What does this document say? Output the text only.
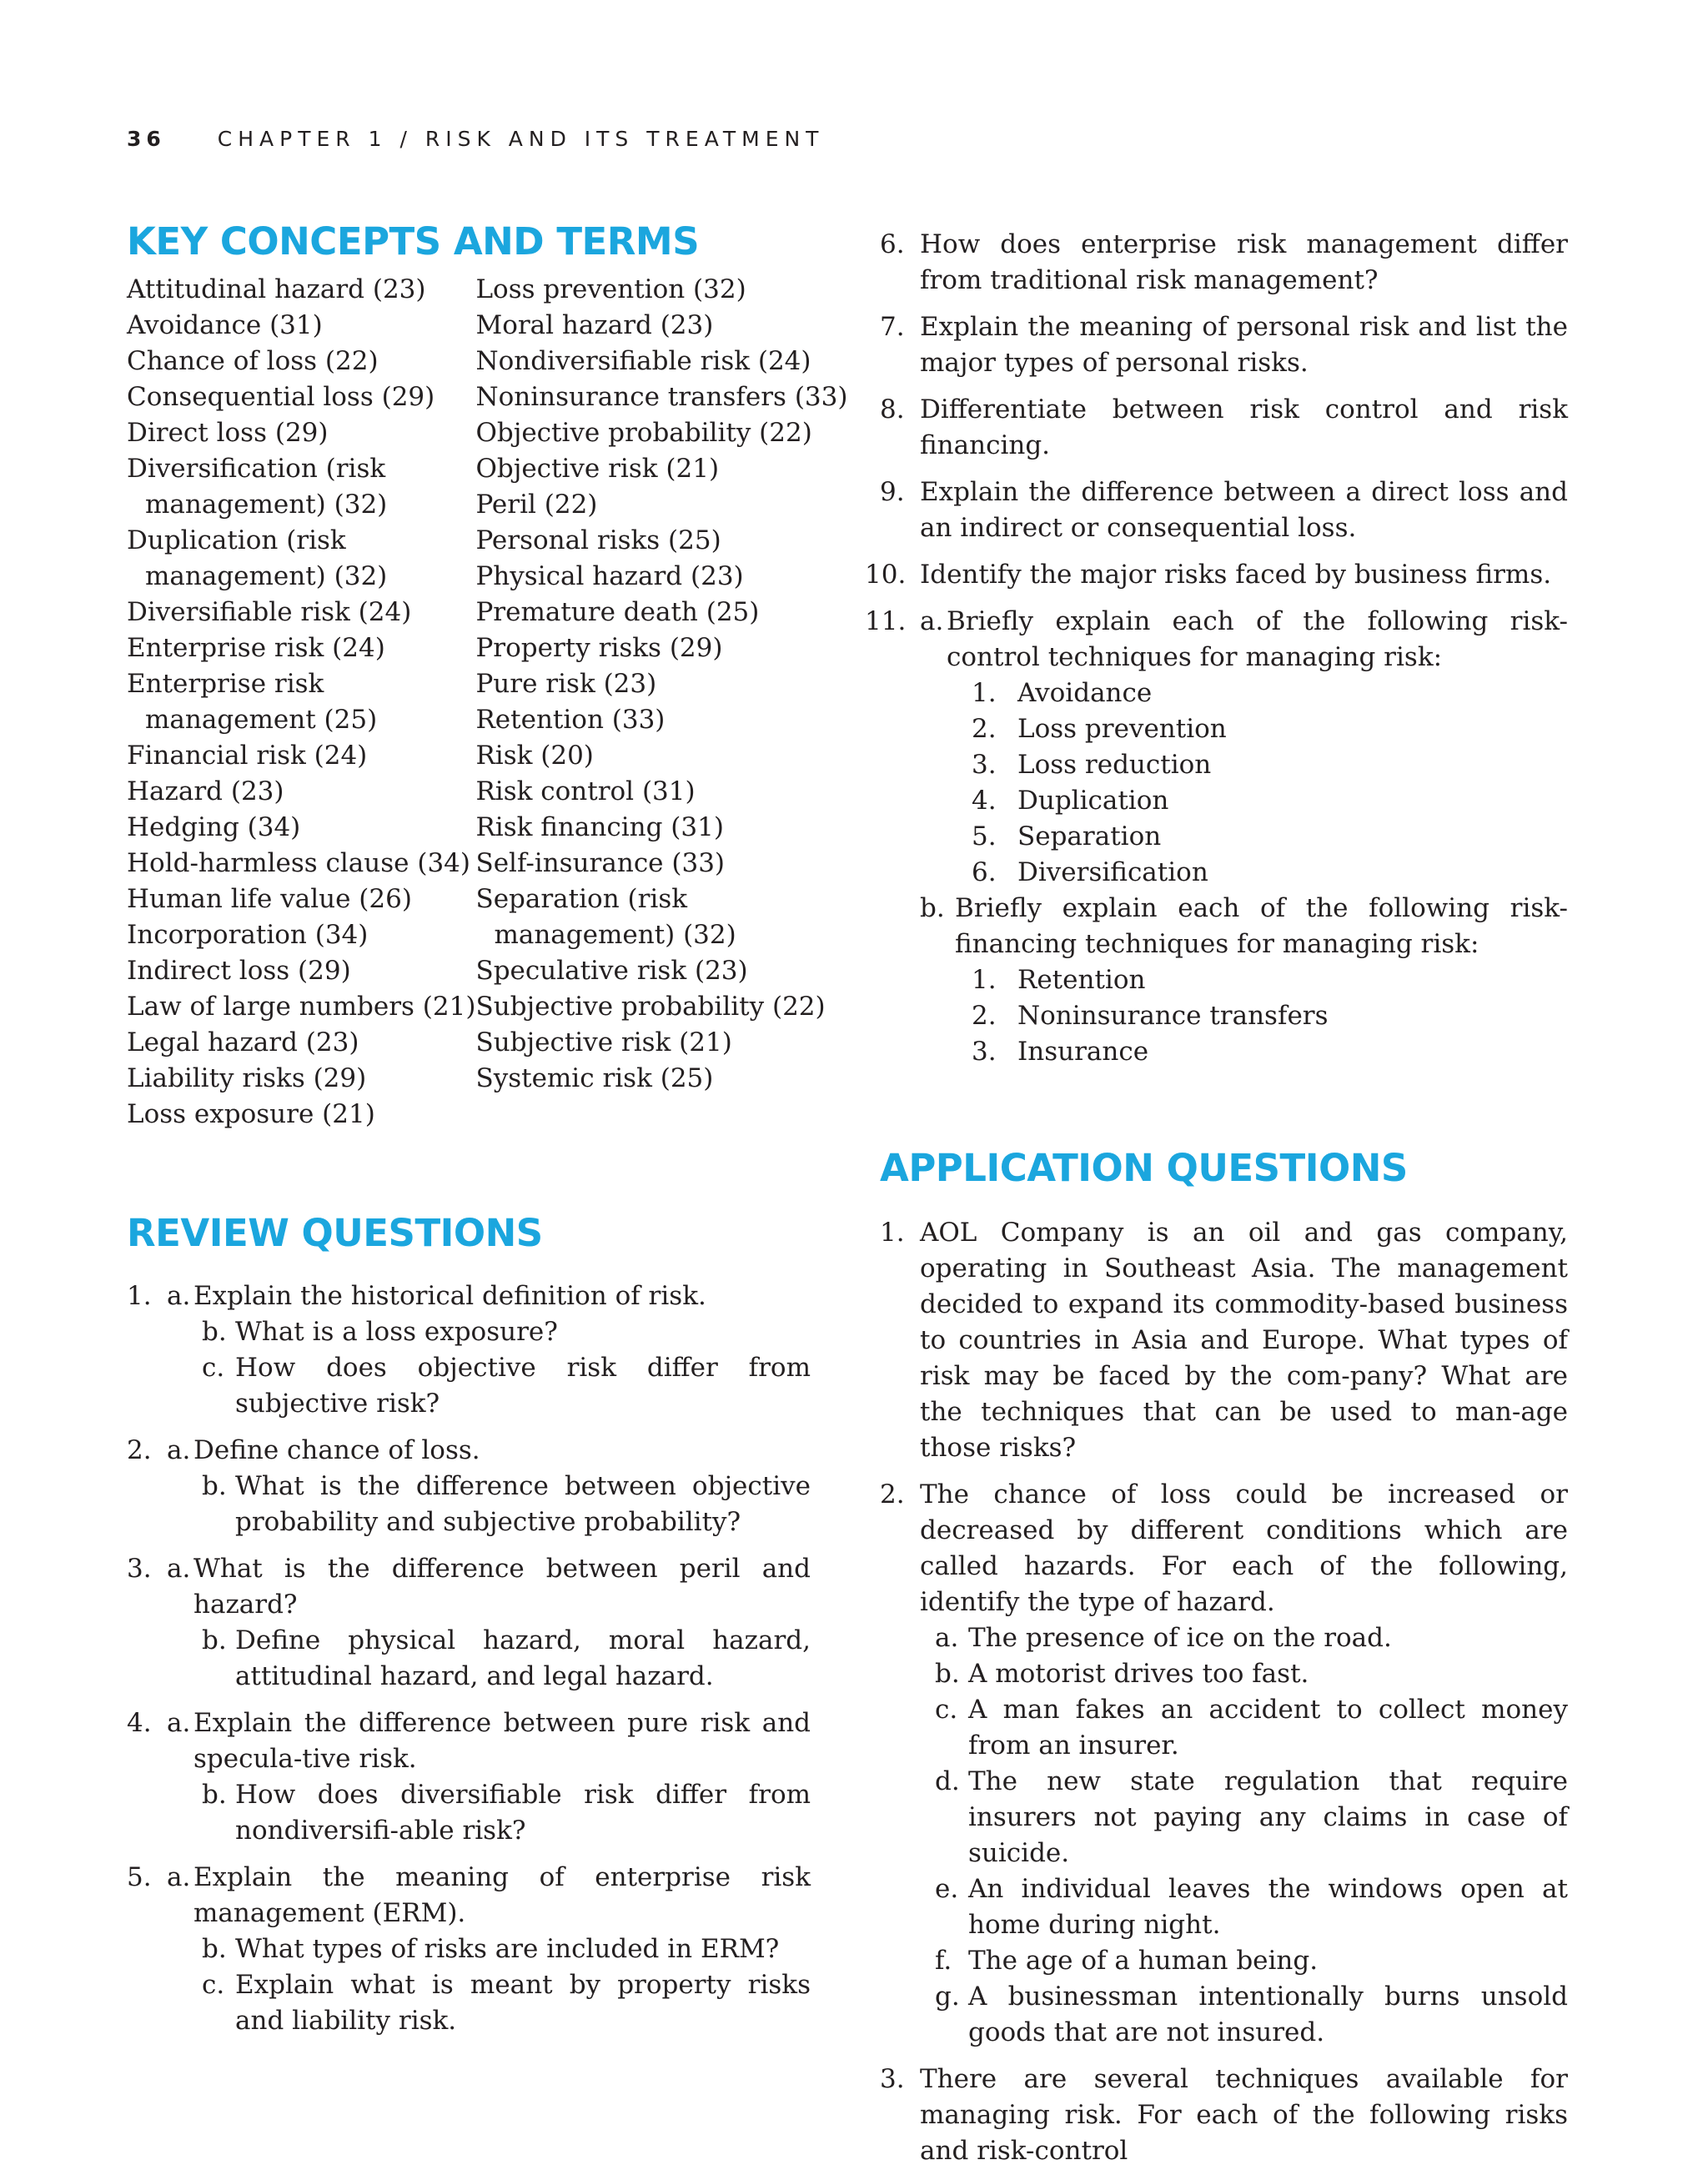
36 CHAPTER 1 / RISK AND ITS TREATMENT
KEY CONCEPTS AND TERMS
Attitudinal hazard (23)
Avoidance (31)
Chance of loss (22)
Consequential loss (29)
Direct loss (29)
Diversification (risk
management) (32)
Duplication (risk
management) (32)
Diversifiable risk (24)
Enterprise risk (24)
Enterprise risk
management (25)
Financial risk (24)
Hazard (23)
Hedging (34)
Hold-harmless clause (34)
Human life value (26)
Incorporation (34)
Indirect loss (29)
Law of large numbers (21)
Legal hazard (23)
Liability risks (29)
Loss exposure (21)
Loss prevention (32)
Moral hazard (23)
Nondiversifiable risk (24)
Noninsurance transfers (33)
Objective probability (22)
Objective risk (21)
Peril (22)
Personal risks (25)
Physical hazard (23)
Premature death (25)
Property risks (29)
Pure risk (23)
Retention (33)
Risk (20)
Risk control (31)
Risk financing (31)
Self-insurance (33)
Separation (risk
management) (32)
Speculative risk (23)
Subjective probability (22)
Subjective risk (21)
Systemic risk (25)
REVIEW QUESTIONS
1. a. Explain the historical definition of risk.
b. What is a loss exposure?
c. How does objective risk differ from subjective risk?
2. a. Define chance of loss.
b. What is the difference between objective probability and subjective probability?
3. a. What is the difference between peril and hazard?
b. Define physical hazard, moral hazard, attitudinal hazard, and legal hazard.
4. a. Explain the difference between pure risk and specula-tive risk.
b. How does diversifiable risk differ from nondiversifi-able risk?
5. a. Explain the meaning of enterprise risk management (ERM).
b. What types of risks are included in ERM?
c. Explain what is meant by property risks and liability risk.
6. How does enterprise risk management differ from traditional risk management?
7. Explain the meaning of personal risk and list the major types of personal risks.
8. Differentiate between risk control and risk financing.
9. Explain the difference between a direct loss and an indirect or consequential loss.
10. Identify the major risks faced by business firms.
11. a. Briefly explain each of the following risk-control techniques for managing risk:
1. Avoidance
2. Loss prevention
3. Loss reduction
4. Duplication
5. Separation
6. Diversification
b. Briefly explain each of the following risk-financing techniques for managing risk:
1. Retention
2. Noninsurance transfers
3. Insurance
APPLICATION QUESTIONS
1. AOL Company is an oil and gas company, operating in Southeast Asia. The management decided to expand its commodity-based business to countries in Asia and Europe. What types of risk may be faced by the com-pany? What are the techniques that can be used to man-age those risks?
2. The chance of loss could be increased or decreased by different conditions which are called hazards. For each of the following, identify the type of hazard.
a. The presence of ice on the road.
b. A motorist drives too fast.
c. A man fakes an accident to collect money from an insurer.
d. The new state regulation that require insurers not paying any claims in case of suicide.
e. An individual leaves the windows open at home during night.
f. The age of a human being.
g. A businessman intentionally burns unsold goods that are not insured.
3. There are several techniques available for managing risk. For each of the following risks and risk-control
